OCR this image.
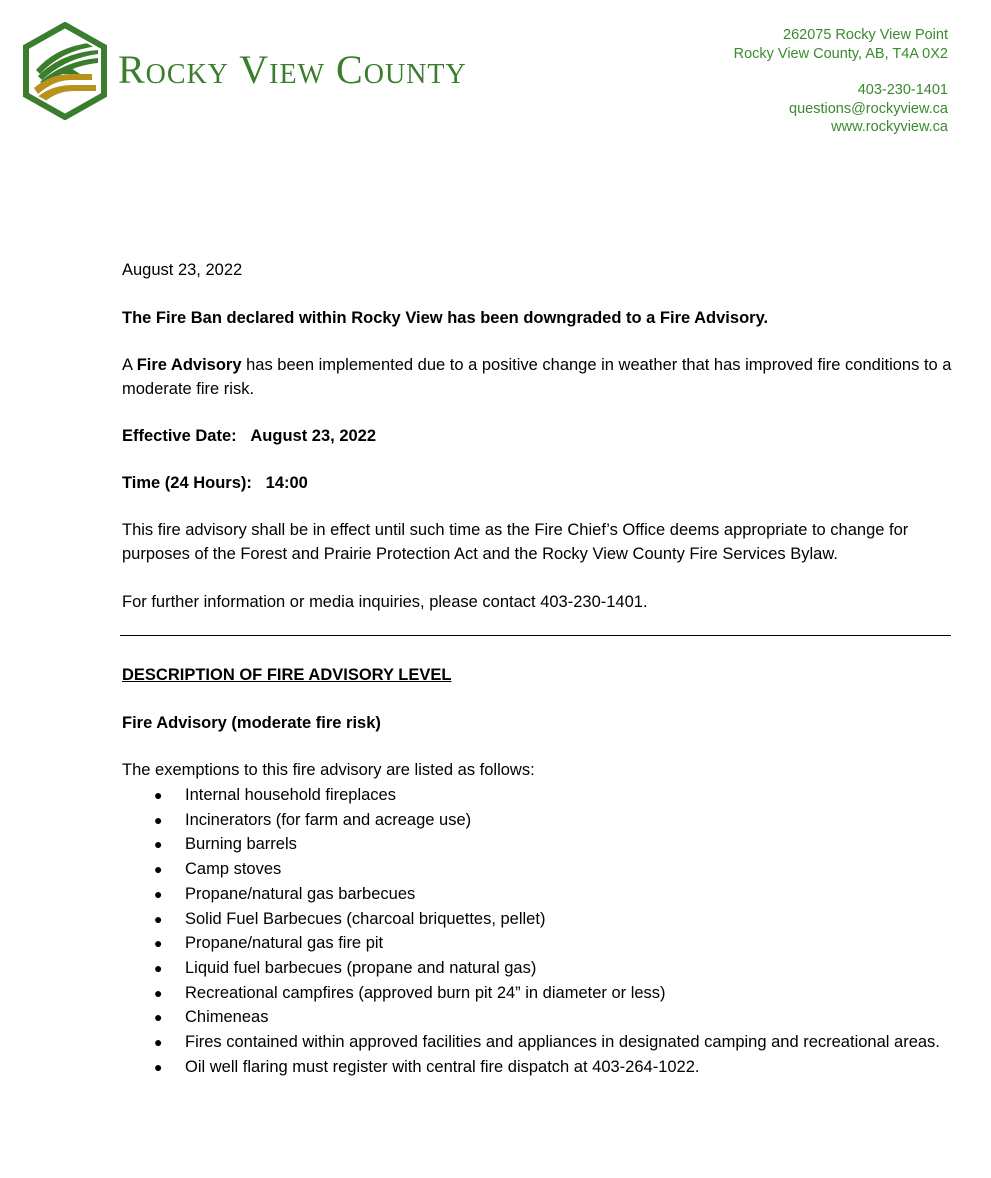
Rocky View County
262075 Rocky View Point
Rocky View County, AB, T4A 0X2
403-230-1401
questions@rockyview.ca
www.rockyview.ca
August 23, 2022
The Fire Ban declared within Rocky View has been downgraded to a Fire Advisory.
A Fire Advisory has been implemented due to a positive change in weather that has improved fire conditions to a moderate fire risk.
Effective Date: August 23, 2022
Time (24 Hours): 14:00
This fire advisory shall be in effect until such time as the Fire Chief’s Office deems appropriate to change for purposes of the Forest and Prairie Protection Act and the Rocky View County Fire Services Bylaw.
For further information or media inquiries, please contact 403-230-1401.
DESCRIPTION OF FIRE ADVISORY LEVEL
Fire Advisory (moderate fire risk)
The exemptions to this fire advisory are listed as follows:
● Internal household fireplaces
● Incinerators (for farm and acreage use)
● Burning barrels
● Camp stoves
● Propane/natural gas barbecues
● Solid Fuel Barbecues (charcoal briquettes, pellet)
● Propane/natural gas fire pit
● Liquid fuel barbecues (propane and natural gas)
● Recreational campfires (approved burn pit 24” in diameter or less)
● Chimeneas
● Fires contained within approved facilities and appliances in designated camping and recreational areas.
● Oil well flaring must register with central fire dispatch at 403-264-1022.
